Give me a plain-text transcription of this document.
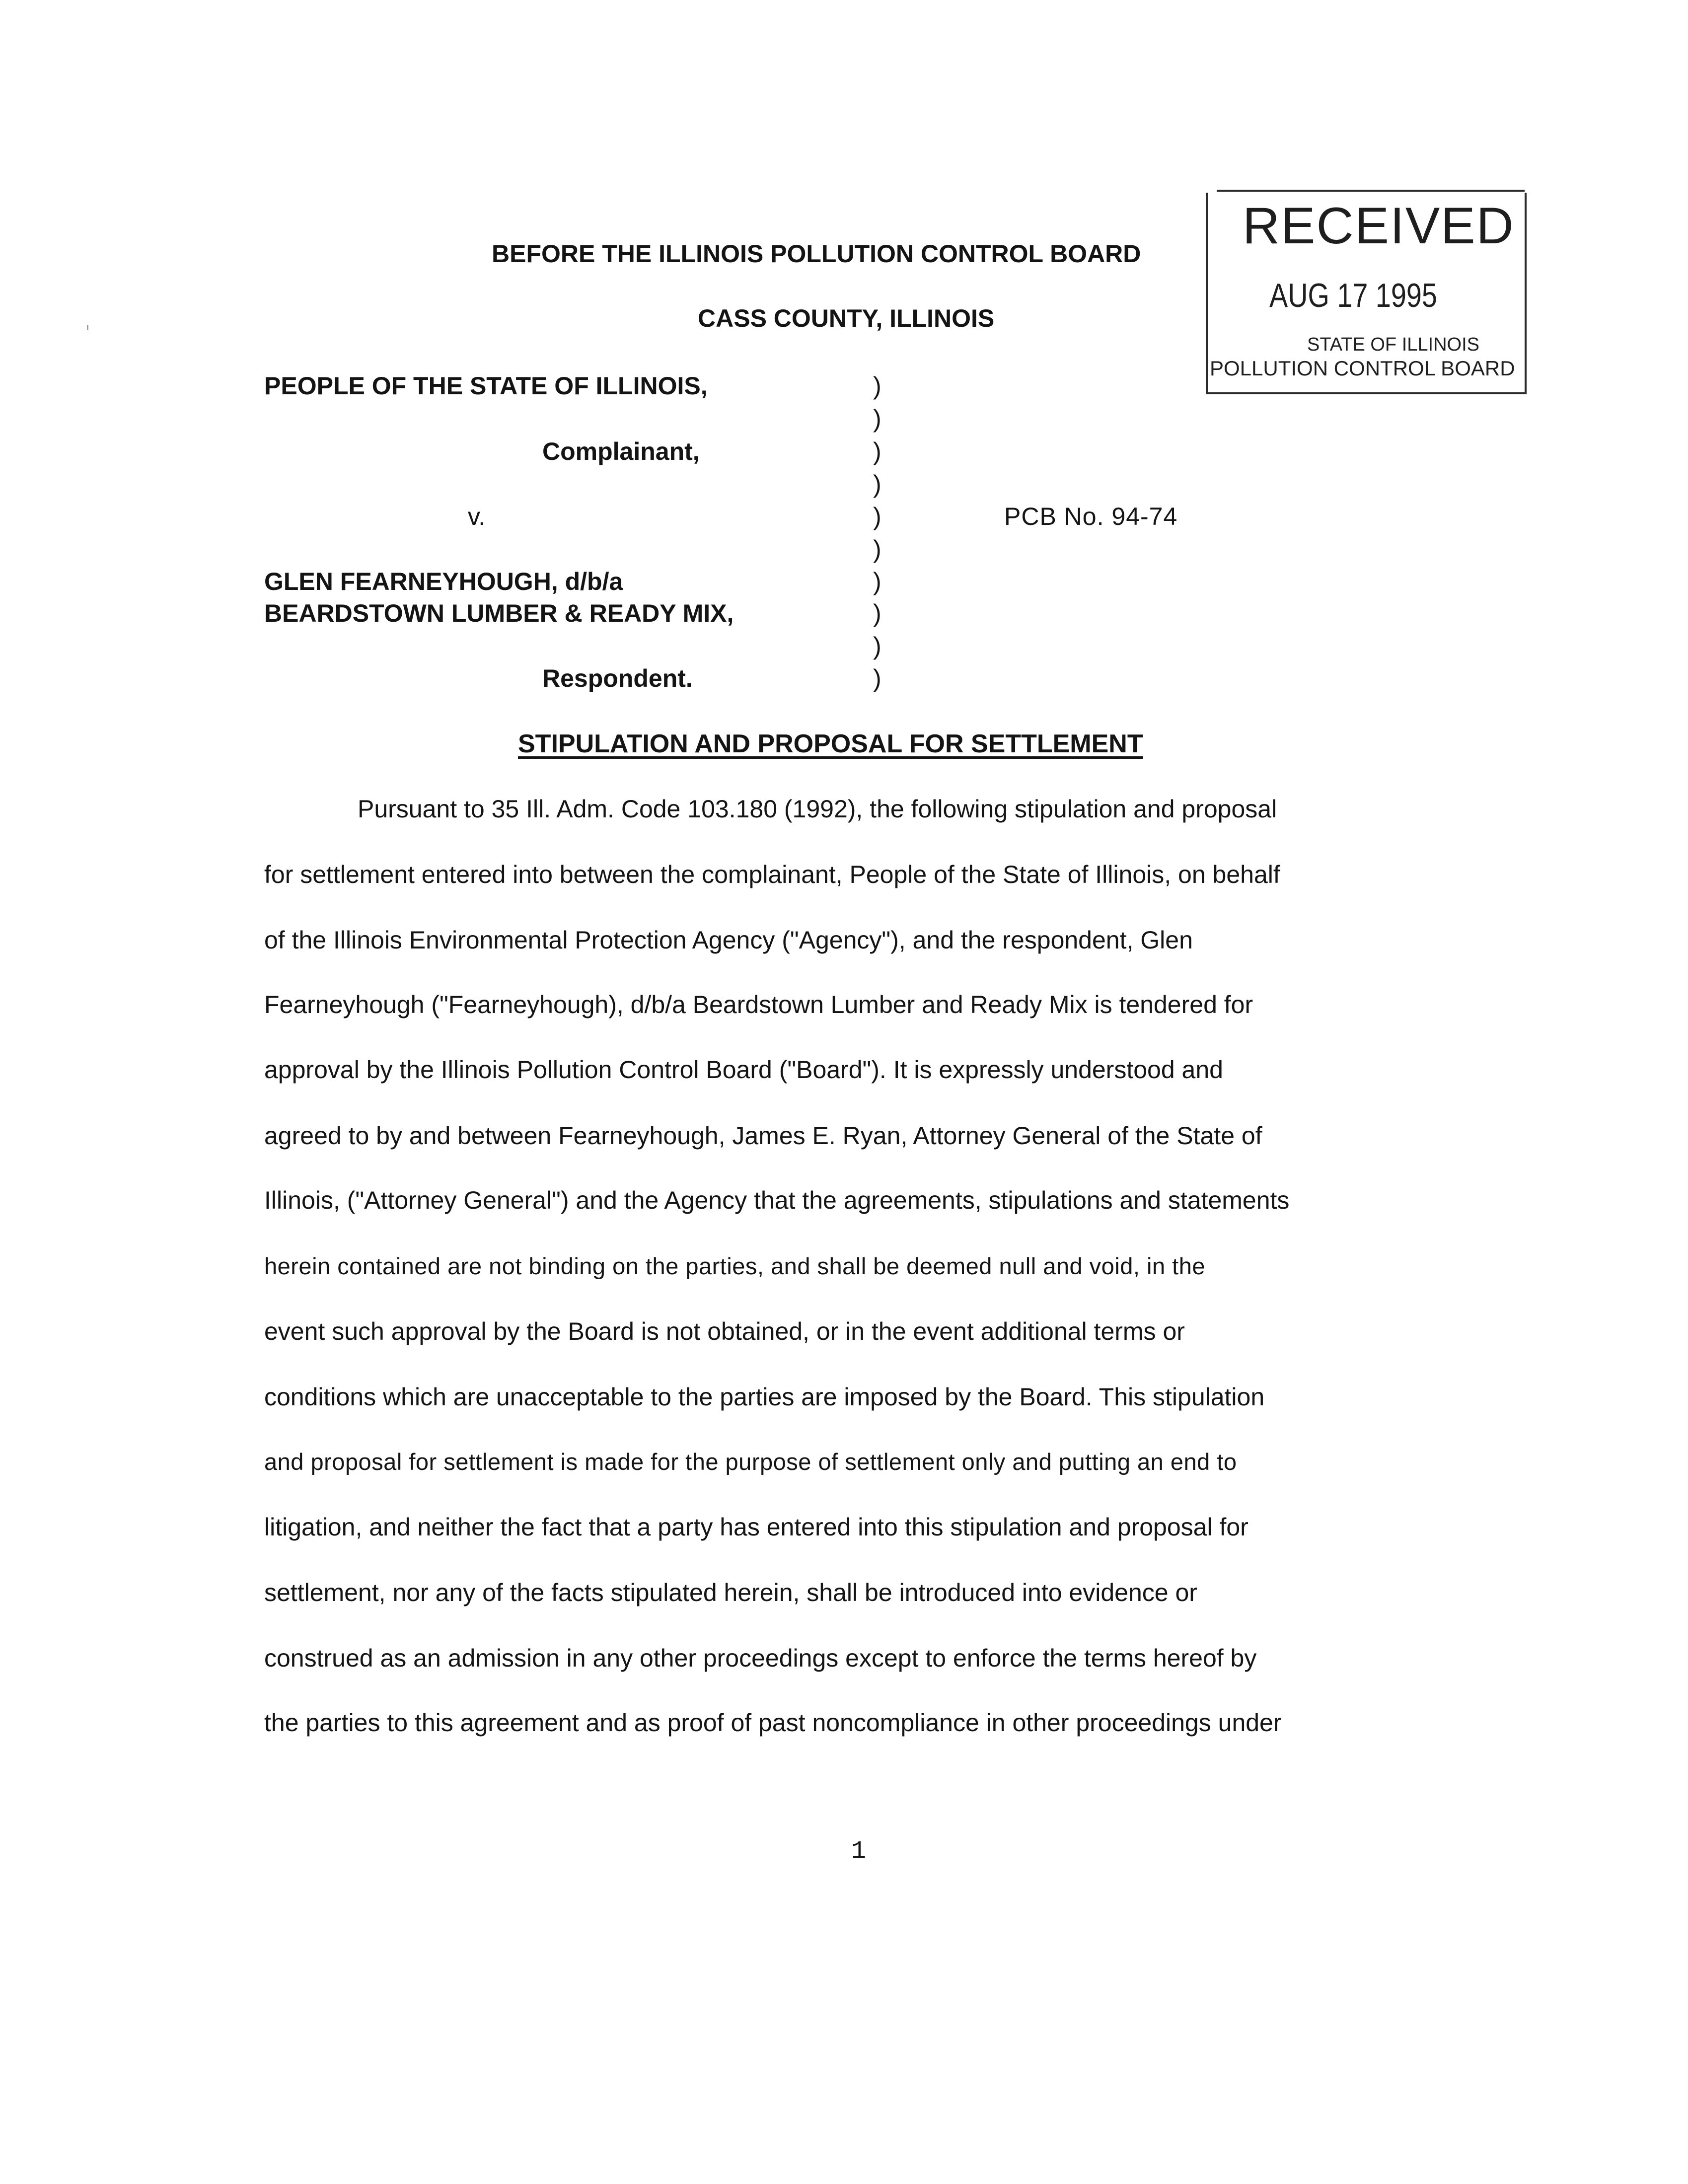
BEFORE THE ILLINOIS POLLUTION CONTROL BOARD
CASS COUNTY, ILLINOIS
RECEIVED
AUG 17 1995
STATE OF ILLINOIS
POLLUTION CONTROL BOARD
PEOPLE OF THE STATE OF ILLINOIS,
Complainant,
v.
GLEN FEARNEYHOUGH, d/b/a
BEARDSTOWN LUMBER & READY MIX,
Respondent.
)
)
)
)
)
)
)
)
)
)
PCB No. 94-74
STIPULATION AND PROPOSAL FOR SETTLEMENT
Pursuant to 35 Ill. Adm. Code 103.180 (1992), the following stipulation and proposal
for settlement entered into between the complainant, People of the State of Illinois, on behalf
of the Illinois Environmental Protection Agency ("Agency"), and the respondent, Glen
Fearneyhough ("Fearneyhough), d/b/a Beardstown Lumber and Ready Mix is tendered for
approval by the Illinois Pollution Control Board ("Board"). It is expressly understood and
agreed to by and between Fearneyhough, James E. Ryan, Attorney General of the State of
Illinois, ("Attorney General") and the Agency that the agreements, stipulations and statements
herein contained are not binding on the parties, and shall be deemed null and void, in the
event such approval by the Board is not obtained, or in the event additional terms or
conditions which are unacceptable to the parties are imposed by the Board. This stipulation
and proposal for settlement is made for the purpose of settlement only and putting an end to
litigation, and neither the fact that a party has entered into this stipulation and proposal for
settlement, nor any of the facts stipulated herein, shall be introduced into evidence or
construed as an admission in any other proceedings except to enforce the terms hereof by
the parties to this agreement and as proof of past noncompliance in other proceedings under
1
